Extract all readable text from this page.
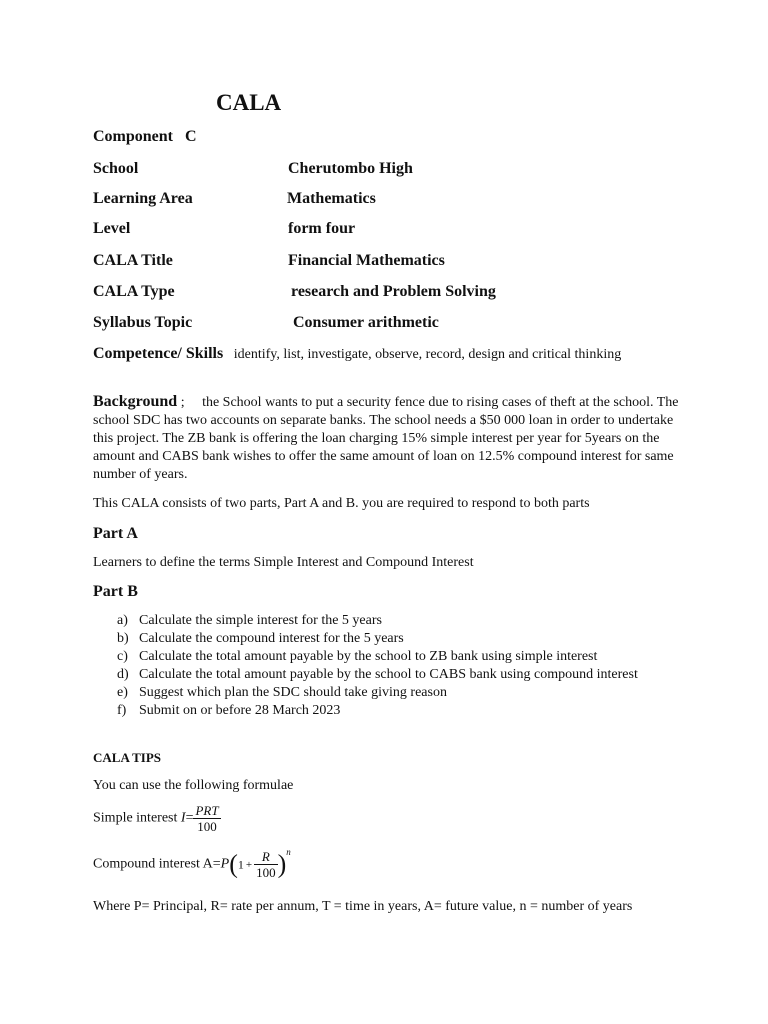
CALA
Component C
School	Cherutombo High
Learning Area	Mathematics
Level	form four
CALA Title	Financial Mathematics
CALA Type	research and Problem Solving
Syllabus Topic	Consumer arithmetic
Competence/ Skills identify, list, investigate, observe, record, design and critical thinking
Background ; the School wants to put a security fence due to rising cases of theft at the school. The school SDC has two accounts on separate banks. The school needs a $50 000 loan in order to undertake this project. The ZB bank is offering the loan charging 15% simple interest per year for 5years on the amount and CABS bank wishes to offer the same amount of loan on 12.5% compound interest for same number of years.
This CALA consists of two parts, Part A and B. you are required to respond to both parts
Part A
Learners to define the terms Simple Interest and Compound Interest
Part B
a) Calculate the simple interest for the 5 years
b) Calculate the compound interest for the 5 years
c) Calculate the total amount payable by the school to ZB bank using simple interest
d) Calculate the total amount payable by the school to CABS bank using compound interest
e) Suggest which plan the SDC should take giving reason
f) Submit on or before 28 March 2023
CALA TIPS
You can use the following formulae
Simple interest $I= \frac{\text{PRT}}{100}$
Compound interest $A=P(1 + \frac{R}{100} )^n$
Where P= Principal, R= rate per annum, T = time in years, A= future value, n = number of years
